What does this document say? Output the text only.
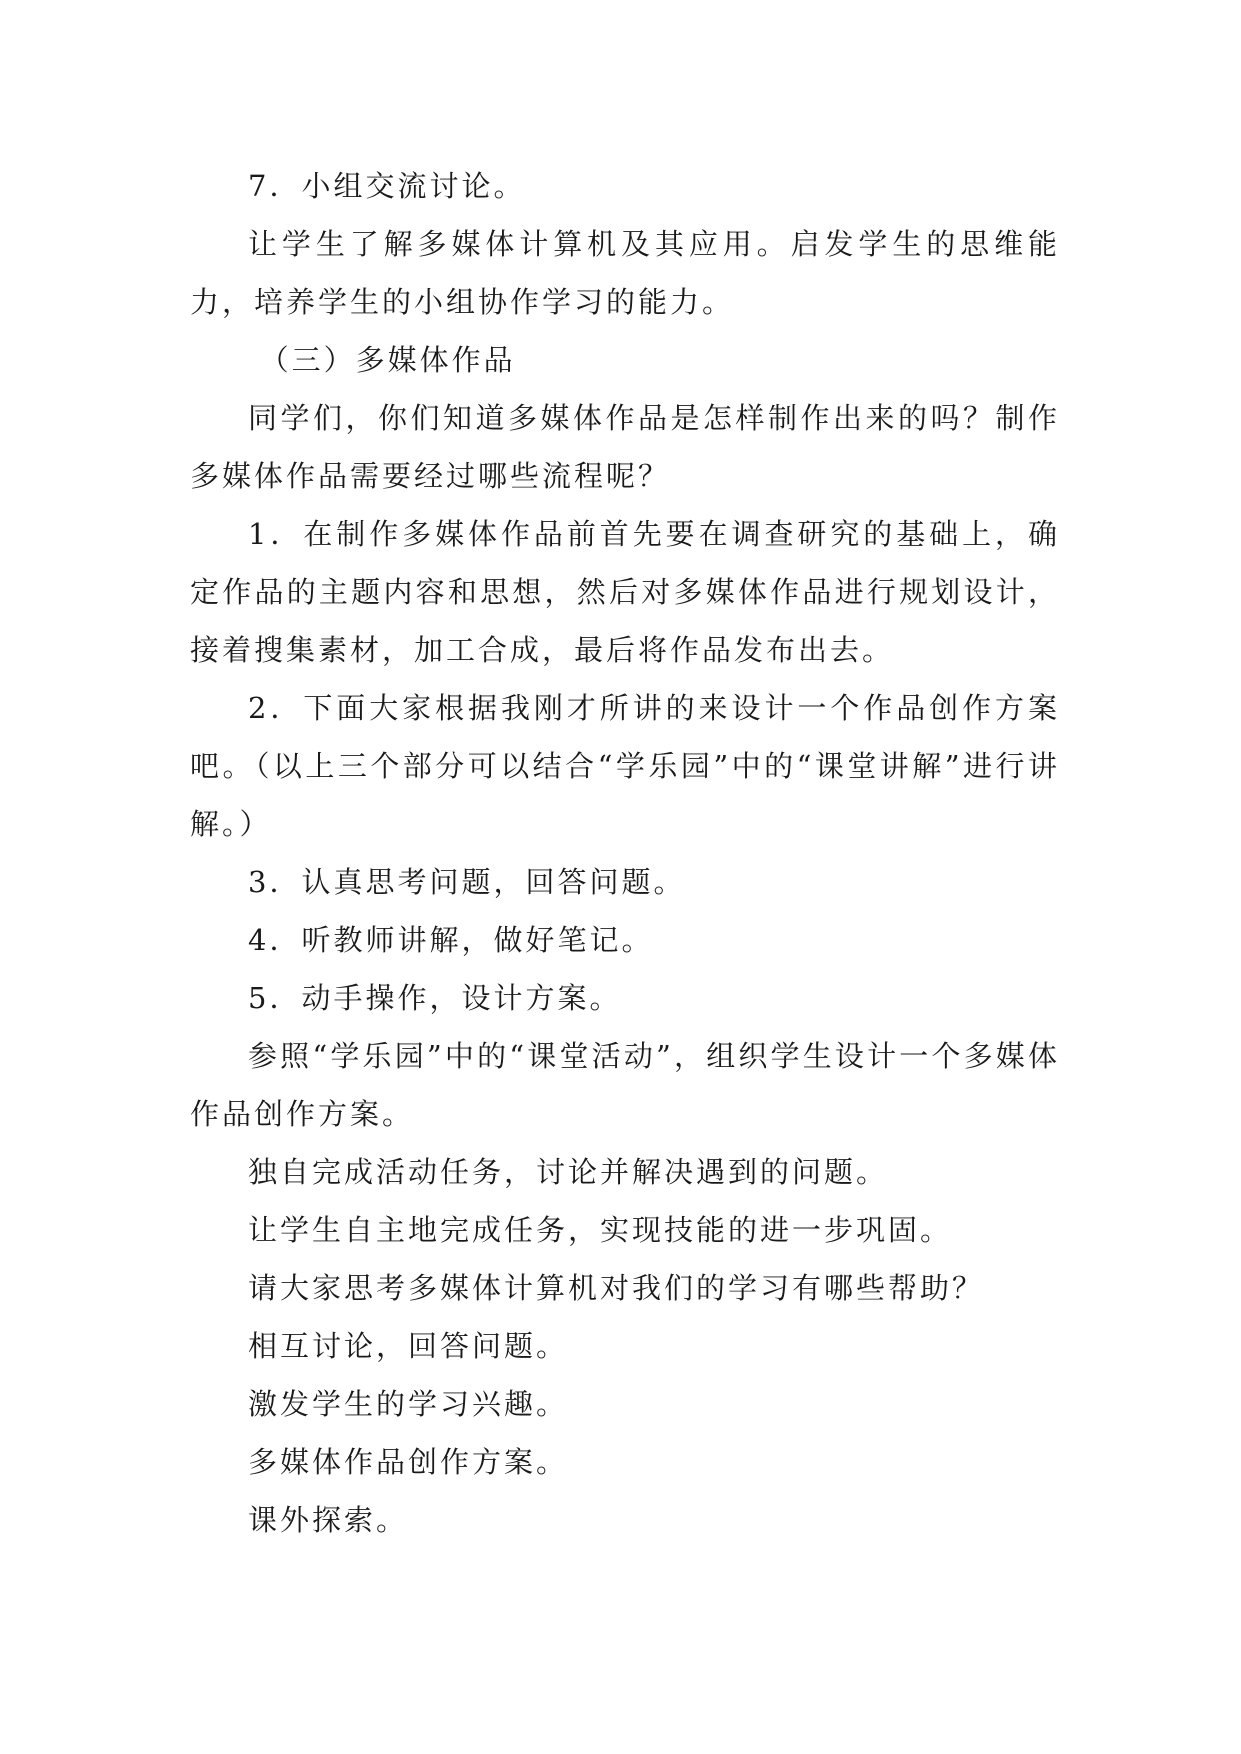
7．小组交流讨论。

让学生了解多媒体计算机及其应用。启发学生的思维能力，培养学生的小组协作学习的能力。

（三）多媒体作品

同学们，你们知道多媒体作品是怎样制作出来的吗？制作多媒体作品需要经过哪些流程呢？

1．在制作多媒体作品前首先要在调查研究的基础上，确定作品的主题内容和思想，然后对多媒体作品进行规划设计，接着搜集素材，加工合成，最后将作品发布出去。

2．下面大家根据我刚才所讲的来设计一个作品创作方案吧。（以上三个部分可以结合“学乐园”中的“课堂讲解”进行讲解。）

3．认真思考问题，回答问题。

4．听教师讲解，做好笔记。

5．动手操作，设计方案。

参照“学乐园”中的“课堂活动”，组织学生设计一个多媒体作品创作方案。

独自完成活动任务，讨论并解决遇到的问题。

让学生自主地完成任务，实现技能的进一步巩固。

请大家思考多媒体计算机对我们的学习有哪些帮助？

相互讨论，回答问题。

激发学生的学习兴趣。

多媒体作品创作方案。

课外探索。
